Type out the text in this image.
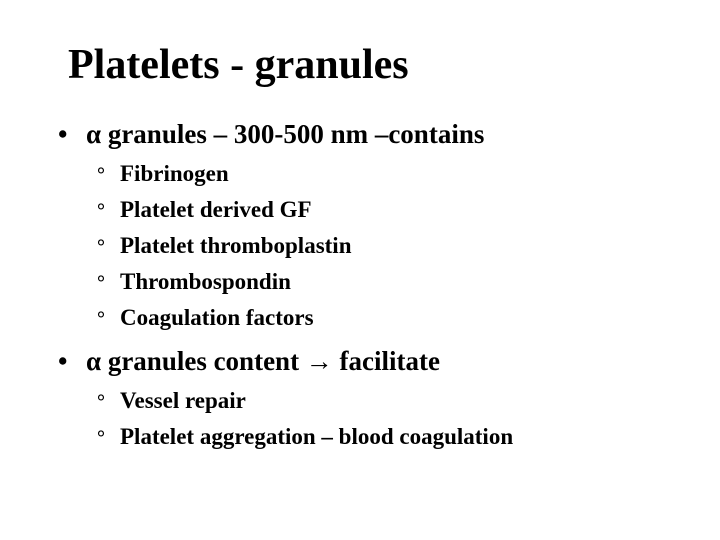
Platelets - granules
• α granules – 300-500 nm –contains
° Fibrinogen
° Platelet derived GF
° Platelet thromboplastin
° Thrombospondin
° Coagulation factors
• α granules content → facilitate
° Vessel repair
° Platelet aggregation – blood coagulation
